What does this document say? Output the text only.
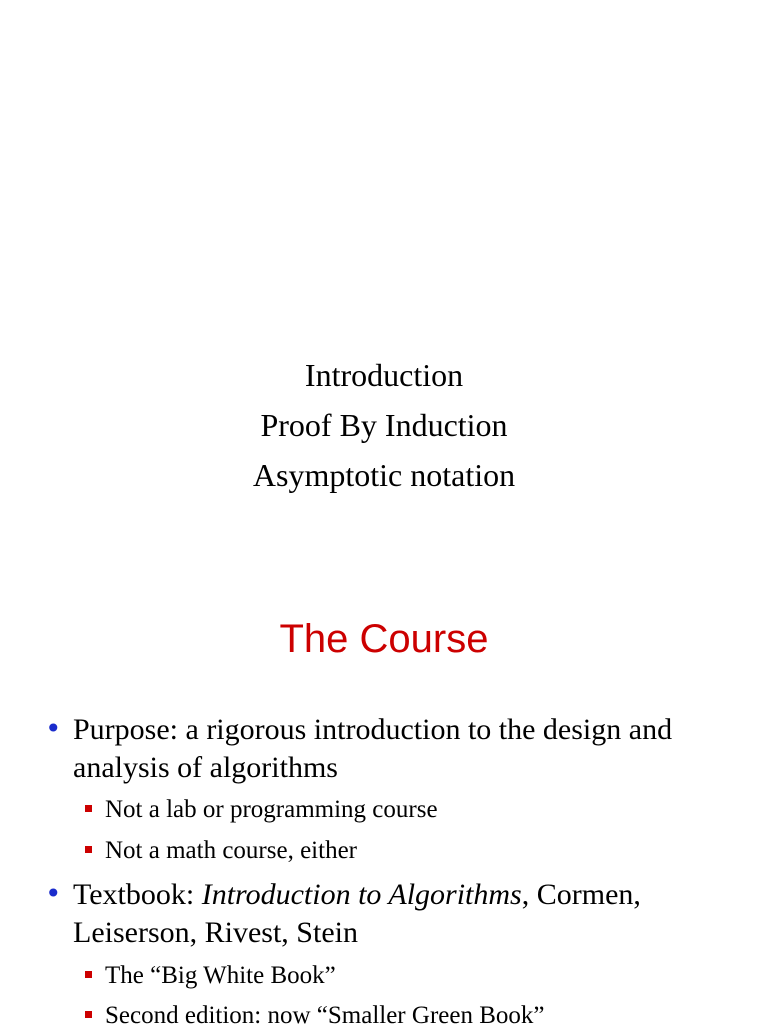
Introduction
Proof By Induction
Asymptotic notation
The Course
• Purpose: a rigorous introduction to the design and analysis of algorithms
Not a lab or programming course
Not a math course, either
• Textbook: Introduction to Algorithms, Cormen, Leiserson, Rivest, Stein
The “Big White Book”
Second edition: now “Smaller Green Book”
